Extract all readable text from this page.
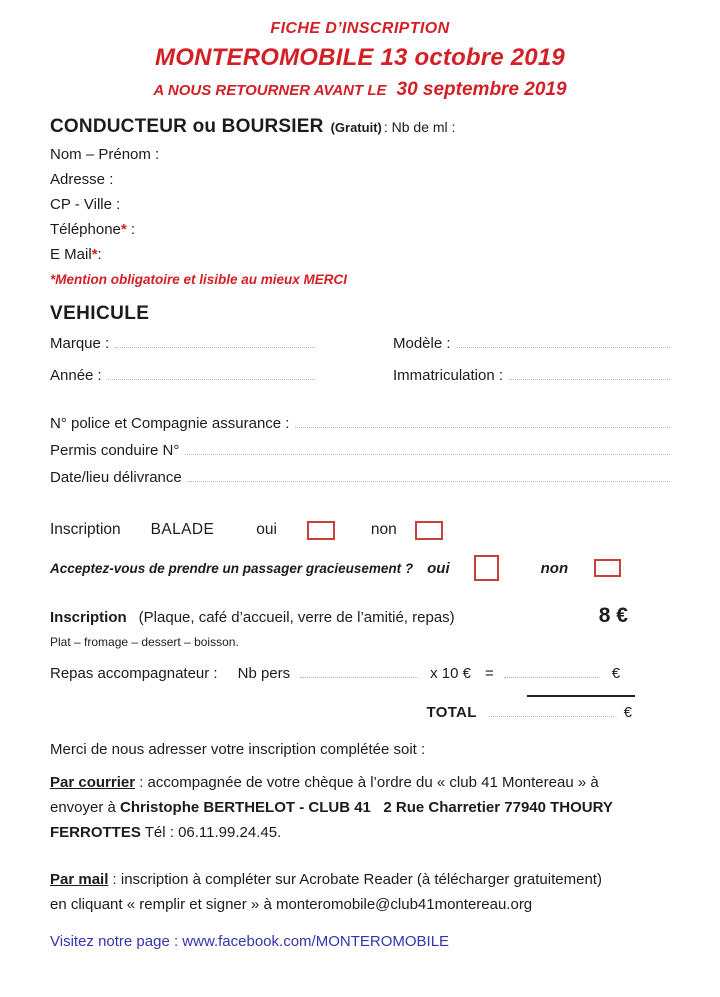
FICHE D’INSCRIPTION
MONTEROMOBILE 13 octobre 2019
A NOUS RETOURNER AVANT LE 30 septembre 2019
CONDUCTEUR ou BOURSIER (Gratuit) : Nb de ml :
Nom – Prénom :
Adresse :
CP - Ville :
Téléphone * :
E Mail * :
*Mention obligatoire et lisible au mieux MERCI
VEHICULE
Marque :	Modèle :
Année :	Immatriculation :
N° police et Compagnie assurance :
Permis conduire N°
Date/lieu délivrance
Inscription BALADE	oui	non
Acceptez-vous de prendre un passager gracieusement ? oui	non
Inscription (Plaque, café d’accueil, verre de l’amitié, repas)	8 €
Plat – fromage – dessert – boisson.
Repas accompagnateur : Nb pers	x 10 € =	€
TOTAL	€
Merci de nous adresser votre inscription complétée soit :
Par courrier : accompagnée de votre chèque à l’ordre du « club 41 Montereau » à
envoyer à Christophe BERTHELOT - CLUB 41   2 Rue Charretier 77940 THOURY
FERROTTES Tél : 06.11.99.24.45.
Par mail : inscription à compléter sur Acrobate Reader (à télécharger gratuitement)
en cliquant « remplir et signer » à monteromobile@club41montereau.org
Visitez notre page : www.facebook.com/MONTEROMOBILE
